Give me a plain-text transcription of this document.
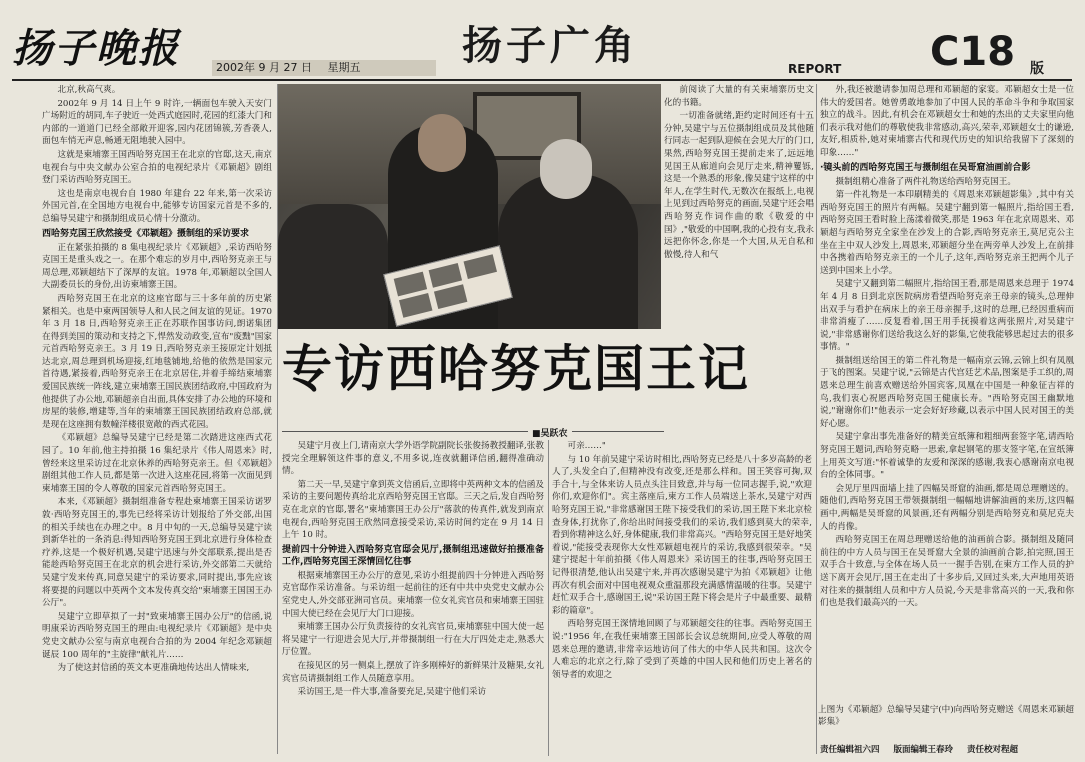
扬子晚报	2002年 9 月 27 日 星期五	扬子广角	REPORT C18 版

北京,秋高气爽。

2002年 9 月 14 日上午 9 时许,一辆面包车驶入天安门广场附近的胡同,车子驶近一处西式庭园时,花园的红漆大门和内部的一道道门已经全部敞开迎客,园内花团锦簇,芳香袭人,面包车悄无声息,畅通无阻地驶入园中。

这就是柬埔寨王国西哈努克国王在北京的官邸,这天,南京电视台与中央文献办公室合拍的电视纪录片《邓颖超》剧组登门采访西哈努克国王。

这也是南京电视台自 1980 年建台 22 年来,第一次采访外国元首,在全国地方电视台中,能够专访国家元首是不多的,总编导吴建宁和摄制组成员心情十分激动。

西哈努克国王欣然接受《邓颖超》摄制组的采访要求

正在紧张拍摄的 8 集电视纪录片《邓颖超》,采访西哈努克国王是重头戏之一。在那个难忘的岁月中,西哈努克亲王与周总理,邓颖超结下了深厚的友谊。1978 年,邓颖超以全国人大副委员长的身份,出访柬埔寨王国。

西哈努克国王在北京的这座官邸与三十多年前的历史紧紧相关。也是中柬两国领导人和人民之间友谊的见证。1970 年 3 月 18 日,西哈努克亲王正在苏联作国事访问,朗诺集团在得到美国的策动和支持之下,悍然发动政变,宣布"废黜"国家元首西哈努克亲王。3 月 19 日,西哈努克亲王接原定计划抵达北京,周总理到机场迎接,红地毯铺地,给他的依然是国家元首待遇,紧接着,西哈努克亲王在北京居住,并着手缔结柬埔寨爱国民族统一阵线,建立柬埔寨王国民族团结政府,中国政府为他提供了办公地,邓颖超亲自出面,具体安排了办公地的环境和房屋的装修,增建等,当年的柬埔寨王国民族团结政府总部,就是现在这座拥有数幢洋楼很宽敞的西式花园。

《邓颖超》总编导吴建宁已经是第二次踏进这座西式花园了。10 年前,他主持拍摄 16 集纪录片《伟人周恩来》时,曾经来这里采访过在北京休养的西哈努克亲王。但《邓颖超》剧组其他工作人员,都是第一次进入这座花园,将第一次面见到柬埔寨王国的令人尊敬的国家元首西哈努克国王。

本来,《邓颖超》摄制组准备专程赴柬埔寨王国采访诺罗敦·西哈努克国王的,事先已经将采访计划报给了外交部,出国的相关手续也在办理之中。8 月中旬的一天,总编导吴建宁读到新华社的一条消息:得知西哈努克国王到北京进行身体检查疗养,这是一个极好机遇,吴建宁迅速与外交部联系,提出是否能趁西哈努克国王在北京的机会进行采访,外交部第二天就给吴建宁发来传真,同意吴建宁的采访要求,同时提出,事先应该将要提的问题以中英两个文本发传真交给"柬埔寨王国国王办公厅"。

吴建宁立即草拟了一封"致柬埔寨王国办公厅"的信函,说明康采访西哈努克国王的理由:电视纪录片《邓颖超》是中央党史文献办公室与南京电视台合拍的为 2004 年纪念邓颖超诞辰 100 周年的"主旋律"献礼片……

为了使这封信函的英文本更准确地传达出人情味来,

前阅读了大量的有关柬埔寨历史文化的书籍。

一切准备就绪,距约定时间还有十五分钟,吴建宁与五位摄制组成员及其他随行同志一起到队迎候在会见大厅的门口,果然,西哈努克国王提前走来了,远远地见国王从廊道向会见厅走来,精神矍铄,这是一个熟悉的形象,像吴建宁这样的中年人,在学生时代,无数次在报纸上,电视上见到过西哈努克的画面,吴建宁还会唱西哈努克作词作曲的歌《敬爱的中国》,"敬爱的中国啊,我的心投有支,我永远把你怀念,你是一个大国,从无自私和傲慢,待人和气

专访西哈努克国王记
■吴跃农

外,我还被邀请参加周总理和邓颖超的家宴。邓颖超女士是一位伟大的爱国者。她曾勇敢地参加了中国人民的革命斗争和争取国家独立的战斗。因此,有机会在邓颖超女士和她的杰出的丈夫家里向他们表示我对他们的尊敬使我非常感动,高兴,荣幸,邓颖超女士的谦逊,友好,相质朴,她对柬埔寨古代和现代历史的知识给我留下了深刻的印象……"

·镜头前的西哈努克国王与摄制组在吴哥窟油画前合影

摄制组精心准备了两件礼物送给西哈努克国王。

第一件礼物是一本印刷精美的《周恩来邓颖超影集》,其中有关西哈努克国王的照片有两幅。吴建宁翻到第一幅照片,指给国王看,西哈努克国王看时脸上荡漾着微笑,那是 1963 年在北京周恩来、邓颖超与西哈努克全家坐在沙发上的合影,西哈努克亲王,莫尼克公主坐在主中双人沙发上,周恩来,邓颖超分坐在两旁单人沙发上,在前排中各携着西哈努克亲王的一个儿子,这年,西哈努克亲王把两个儿子送到中国来上小学。

吴建宁又翻到第二幅照片,指给国王看,那是周恩来总理于 1974 年 4 月 8 日到北京医院病房看望西哈努克亲王母亲的镜头,总理伸出双手与看护在病床上的亲王母亲握手,这时的总理,已经因重病而非常消瘦了……反复看着,国王用手抚摸着这两张照片,对吴建宁说,"非常感谢你们送给我这么好的影集,它使我能够思起过去的很多事情。"

摄制组送给国王的第二件礼物是一幅南京云锦,云锦上织有凤凰于飞的图案。吴建宁说,"云锦是古代宫廷艺术品,图案是手工织的,周恩来总理生前喜欢赠送给外国宾客,凤凰在中国是一种象征吉祥的鸟,我们衷心祝愿西哈努克国王健康长寿。"西哈努克国王幽默地说,"谢谢你们!"他表示一定会好好珍藏,以表示中国人民对国王的美好心愿。

吴建宁拿出事先准备好的精美宣纸簿和粗细两套签字笔,请西哈努克国王题词,西哈努克略一思索,拿起钢笔的那支签字笔,在宣纸簿上用英文写道:"怀着诚挚的友爱和深深的感谢,我衷心感谢南京电视台的全体同事。"

会见厅里四面墙上挂了四幅吴哥窟的油画,都是周总理赠送的。随他们,西哈努克国王带领摄制组一幅幅地讲解油画的来历,这四幅画中,两幅是吴哥窟的风景画,还有两幅分别是西哈努克和莫尼克夫人的肖像。

西哈努克国王在周总理赠送给他的油画前合影。摄制组及随同前往的中方人员与国王在吴哥窟大全景的油画前合影,拍完照,国王双手合十致意,与全体在场人员一一握手告别,在柬方工作人员的护送下离开会见厅,国王在走出了十多步后,又回过头来,大声地用英语对往来的摄制组人员和中方人员说,今天是非常高兴的一天,我和你们也是我们最高兴的一天。

吴建宁月夜上门,请南京大学外语学院副院长张俊扬教授翻译,张教授完全理解领这件事的意义,不用多说,连夜就翻译信函,翻得准确动情。

第二天一早,吴建宁拿到英文信函后,立即将中英两种文本的信函及采访的主要问题传真给北京西哈努克国王官邸。三天之后,发自西哈努克在北京的官邸,署名"柬埔寨国王办公厅"落款的传真件,就发到南京电视台,西哈努克国王欣然同意接受采访,采访时间约定在 9 月 14 日上午 10 时。

提前四十分钟进入西哈努克官邸会见厅,摄制组迅速做好拍摄准备工作,西哈努克国王深情回忆往事

根据柬埔寨国王办公厅的意见,采访小组提前四十分钟进入西哈努克官邸作采访准备。与采访组一起前往的还有中共中央党史文献办公室党史人,外交部亚洲司官员。柬埔寨一位女礼宾官员和柬埔寨王国驻中国大使已经在会见厅大门口迎接。

柬埔寨王国办公厅负责接待的女礼宾官员,柬埔寨驻中国大使一起将吴建宁一行迎进会见大厅,并带摄制组一行在大厅四处走走,熟悉大厅位置。

在接见区的另一侧桌上,摆放了许多刚棒好的新鲜果汁及糖果,女礼宾官员请摄制组工作人员随意享用。

采访国王,是一件大事,准备要充足,吴建宁他们采访

可亲……"

与 10 年前吴建宁采访时相比,西哈努克已经是八十多岁高龄的老人了,头发全白了,但精神没有改变,还是那么样和。国王笑容可掬,双手合十,与全体来访人员点头注目致意,并与每一位同志握手,说,"欢迎你们,欢迎你们"。宾主落座后,柬方工作人员端送上茶水,吴建宁对西哈努克国王说,"非常感谢国王陛下接受我们的采访,国王陛下来北京检查身体,打扰你了,你给出时间接受我们的采访,我们感到莫大的荣幸,看到你精神这么好,身体健康,我们非常高兴。"西哈努克国王是好地笑着说,"能接受表现你大女性邓颖超电视片的采访,我感到很荣幸。"吴建宁提起十年前拍摄《伟人周恩来》采访国王的往事,西哈努克国王记得很清楚,他认出吴建宁来,并再次感谢吴建宁为拍《邓颖超》让他再次有机会面对中国电视观众重温那段充满感情温暖的往事。吴建宁赶忙双手合十,感谢国王,说"采访国王陛下将会是片子中最重要、最精彩的篇章"。

西哈努克国王深情地回顾了与邓颖超交往的往事。西哈努克国王说:"1956 年,在我任柬埔寨王国部长会议总统期间,应受人尊敬的周恩来总理的邀请,非常幸运地访问了伟大的中华人民共和国。这次令人难忘的北京之行,除了受到了英雄的中国人民和他们历史上著名的领导者的欢迎之

上图为《邓颖超》总编导吴建宁(中)向西哈努克赠送《周恩来邓颖超影集》
责任编辑祖六四 版面编辑王春玲 责任校对程超
